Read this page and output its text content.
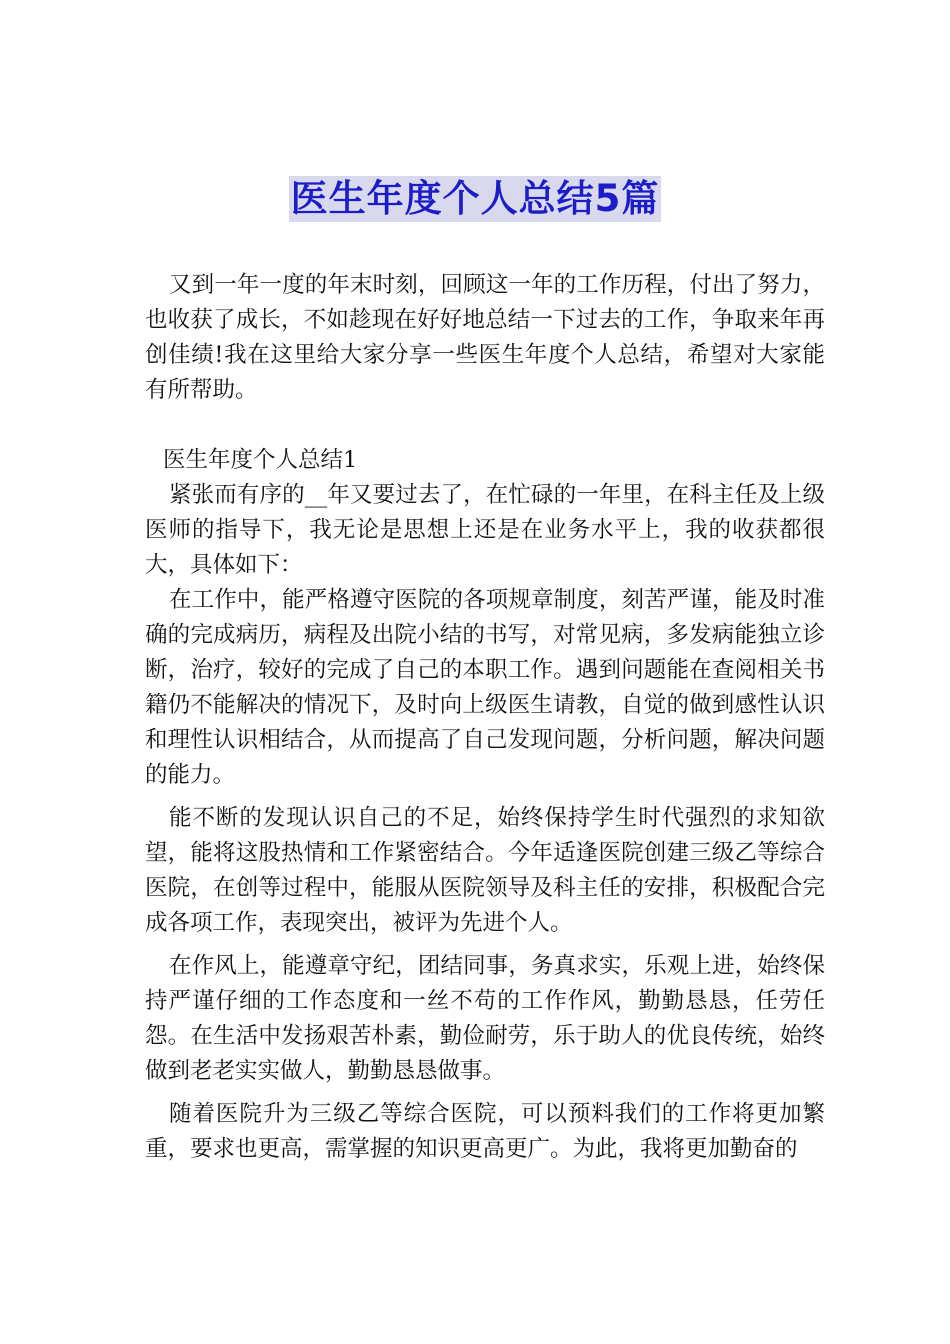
医生年度个人总结5篇

又到一年一度的年末时刻，回顾这一年的工作历程，付出了努力，也收获了成长，不如趁现在好好地总结一下过去的工作，争取来年再创佳绩!我在这里给大家分享一些医生年度个人总结，希望对大家能有所帮助。

医生年度个人总结1

紧张而有序的__年又要过去了，在忙碌的一年里，在科主任及上级医师的指导下，我无论是思想上还是在业务水平上，我的收获都很大，具体如下：

在工作中，能严格遵守医院的各项规章制度，刻苦严谨，能及时准确的完成病历，病程及出院小结的书写，对常见病，多发病能独立诊断，治疗，较好的完成了自己的本职工作。遇到问题能在查阅相关书籍仍不能解决的情况下，及时向上级医生请教，自觉的做到感性认识和理性认识相结合，从而提高了自己发现问题，分析问题，解决问题的能力。

能不断的发现认识自己的不足，始终保持学生时代强烈的求知欲望，能将这股热情和工作紧密结合。今年适逢医院创建三级乙等综合医院，在创等过程中，能服从医院领导及科主任的安排，积极配合完成各项工作，表现突出，被评为先进个人。

在作风上，能遵章守纪，团结同事，务真求实，乐观上进，始终保持严谨仔细的工作态度和一丝不苟的工作作风，勤勤恳恳，任劳任怨。在生活中发扬艰苦朴素，勤俭耐劳，乐于助人的优良传统，始终做到老老实实做人，勤勤恳恳做事。

随着医院升为三级乙等综合医院，可以预料我们的工作将更加繁重，要求也更高，需掌握的知识更高更广。为此，我将更加勤奋的
